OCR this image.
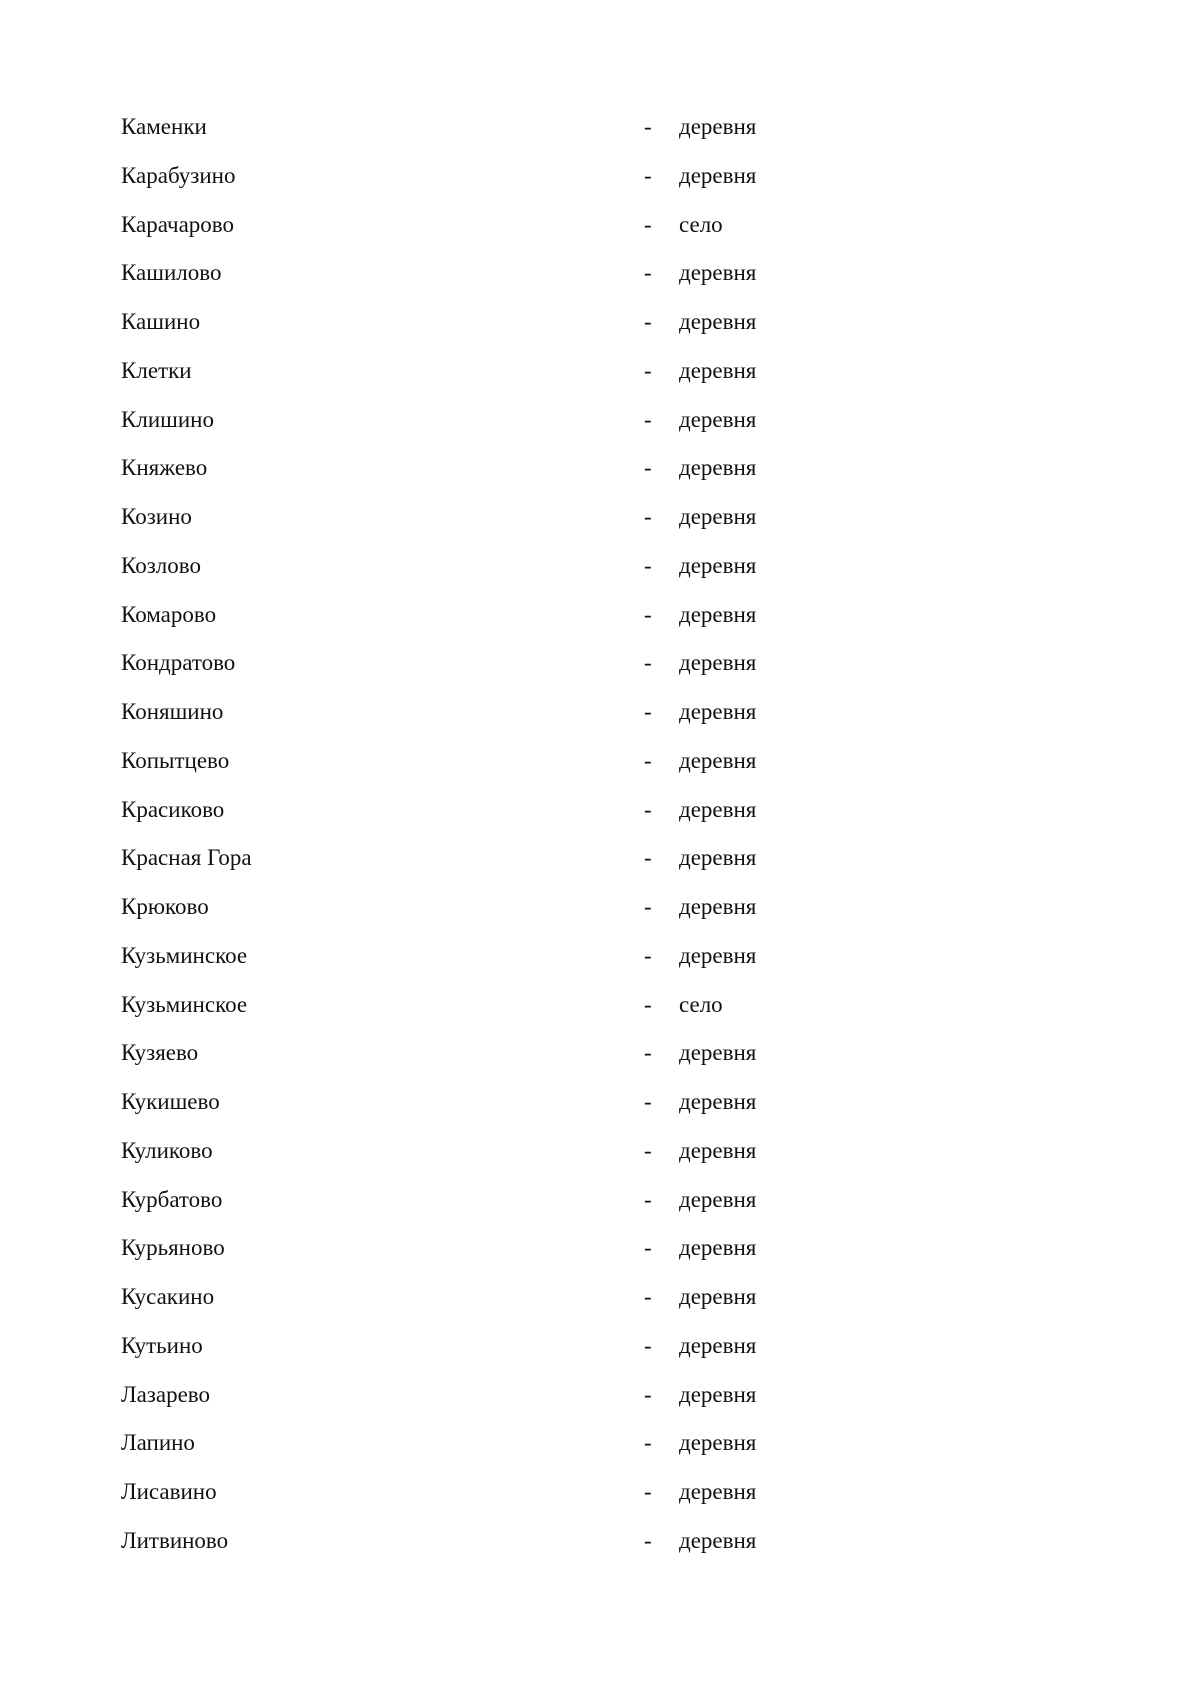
Каменки	- деревня
Карабузино	- деревня
Карачарово	- село
Кашилово	- деревня
Кашино	- деревня
Клетки	- деревня
Клишино	- деревня
Княжево	- деревня
Козино	- деревня
Козлово	- деревня
Комарово	- деревня
Кондратово	- деревня
Коняшино	- деревня
Копытцево	- деревня
Красиково	- деревня
Красная Гора	- деревня
Крюково	- деревня
Кузьминское	- деревня
Кузьминское	- село
Кузяево	- деревня
Кукишево	- деревня
Куликово	- деревня
Курбатово	- деревня
Курьяново	- деревня
Кусакино	- деревня
Кутьино	- деревня
Лазарево	- деревня
Лапино	- деревня
Лисавино	- деревня
Литвиново	- деревня
